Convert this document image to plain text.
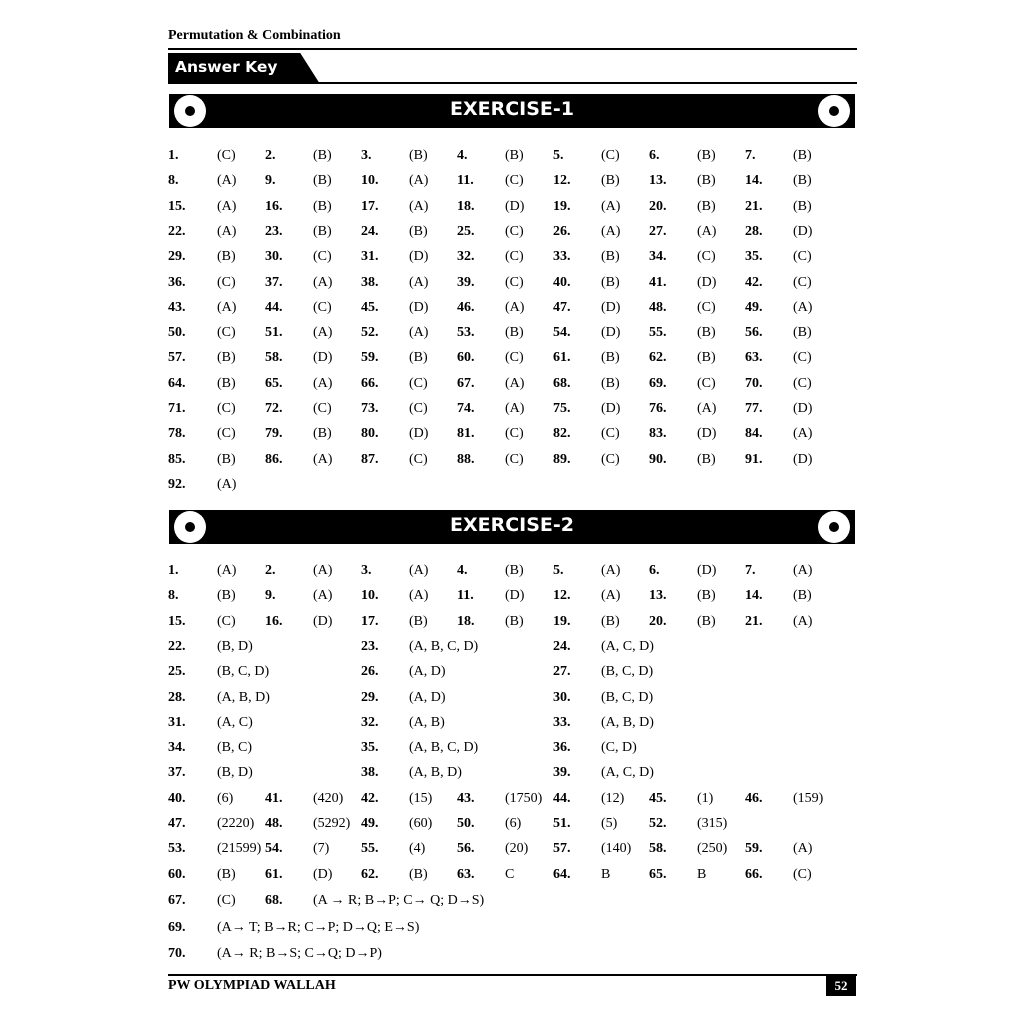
Permutation & Combination
Answer Key
EXERCISE-1
1.	(C) 2.	(B) 3.	(B) 4.	(B) 5.	(C) 6.	(B) 7.	(B)
8.	(A) 9.	(B) 10. (A) 11. (C) 12. (B) 13. (B) 14. (B)
15. (A) 16. (B) 17. (A) 18. (D) 19. (A) 20. (B) 21. (B)
22. (A) 23. (B) 24. (B) 25. (C) 26. (A) 27. (A) 28. (D)
29. (B) 30. (C) 31. (D) 32. (C) 33. (B) 34. (C) 35. (C)
36. (C) 37. (A) 38. (A) 39. (C) 40. (B) 41. (D) 42. (C)
43. (A) 44. (C) 45. (D) 46. (A) 47. (D) 48. (C) 49. (A)
50. (C) 51. (A) 52. (A) 53. (B) 54. (D) 55. (B) 56. (B)
57. (B) 58. (D) 59. (B) 60. (C) 61. (B) 62. (B) 63. (C)
64. (B) 65. (A) 66. (C) 67. (A) 68. (B) 69. (C) 70. (C)
71. (C) 72. (C) 73. (C) 74. (A) 75. (D) 76. (A) 77. (D)
78. (C) 79. (B) 80. (D) 81. (C) 82. (C) 83. (D) 84. (A)
85. (B) 86. (A) 87. (C) 88. (C) 89. (C) 90. (B) 91. (D)
92. (A)
EXERCISE-2
1.	(A) 2.	(A) 3.	(A) 4.	(B) 5.	(A) 6.	(D) 7.	(A)
8.	(B) 9.	(A) 10. (A) 11. (D) 12. (A) 13. (B) 14. (B)
15. (C) 16. (D) 17. (B) 18. (B) 19. (B) 20. (B) 21. (A)
22. (B, D)	23. (A, B, C, D)	24. (A, C, D)
25. (B, C, D)	26. (A, D)	27. (B, C, D)
28. (A, B, D)	29. (A, D)	30. (B, C, D)
31. (A, C)	32. (A, B)	33. (A, B, D)
34. (B, C)	35. (A, B, C, D)	36. (C, D)
37. (B, D)	38. (A, B, D)	39. (A, C, D)
40. (6) 41. (420) 42. (15) 43. (1750) 44. (12) 45. (1) 46. (159)
47. (2220) 48. (5292) 49. (60) 50. (6) 51. (5) 52. (315)
53. (21599) 54. (7) 55. (4) 56. (20) 57. (140) 58. (250) 59. (A)
60. (B) 61. (D) 62. (B) 63. C	64. B	65. B	66. (C)
67. (C) 68. (A → R; B→P; C→ Q; D→S)
69. (A→ T; B→R; C→P; D→Q; E→S)
70. (A→ R; B→S; C→Q; D→P)
PW OLYMPIAD WALLAH	52
